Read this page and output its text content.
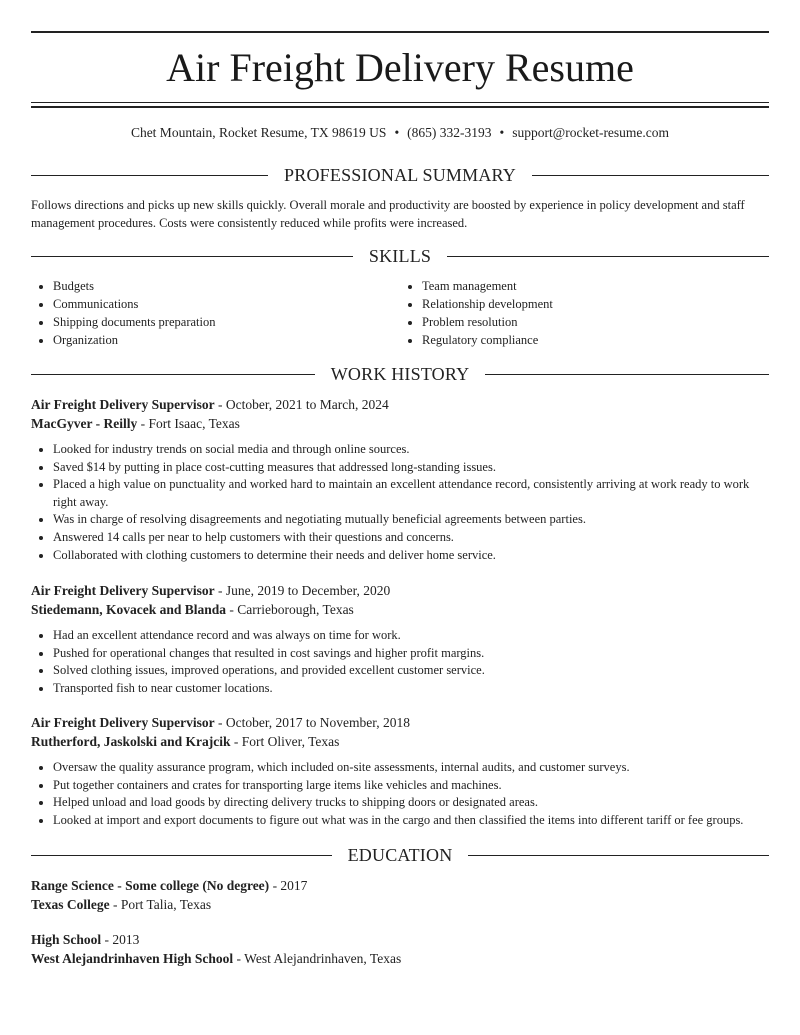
Air Freight Delivery Resume
Chet Mountain, Rocket Resume, TX 98619 US • (865) 332-3193 • support@rocket-resume.com
PROFESSIONAL SUMMARY
Follows directions and picks up new skills quickly. Overall morale and productivity are boosted by experience in policy development and staff management procedures. Costs were consistently reduced while profits were increased.
SKILLS
• Budgets
• Communications
• Shipping documents preparation
• Organization
• Team management
• Relationship development
• Problem resolution
• Regulatory compliance
WORK HISTORY
Air Freight Delivery Supervisor - October, 2021 to March, 2024
MacGyver - Reilly - Fort Isaac, Texas
• Looked for industry trends on social media and through online sources.
• Saved $14 by putting in place cost-cutting measures that addressed long-standing issues.
• Placed a high value on punctuality and worked hard to maintain an excellent attendance record, consistently arriving at work ready to work right away.
• Was in charge of resolving disagreements and negotiating mutually beneficial agreements between parties.
• Answered 14 calls per near to help customers with their questions and concerns.
• Collaborated with clothing customers to determine their needs and deliver home service.
Air Freight Delivery Supervisor - June, 2019 to December, 2020
Stiedemann, Kovacek and Blanda - Carrieborough, Texas
• Had an excellent attendance record and was always on time for work.
• Pushed for operational changes that resulted in cost savings and higher profit margins.
• Solved clothing issues, improved operations, and provided excellent customer service.
• Transported fish to near customer locations.
Air Freight Delivery Supervisor - October, 2017 to November, 2018
Rutherford, Jaskolski and Krajcik - Fort Oliver, Texas
• Oversaw the quality assurance program, which included on-site assessments, internal audits, and customer surveys.
• Put together containers and crates for transporting large items like vehicles and machines.
• Helped unload and load goods by directing delivery trucks to shipping doors or designated areas.
• Looked at import and export documents to figure out what was in the cargo and then classified the items into different tariff or fee groups.
EDUCATION
Range Science - Some college (No degree) - 2017
Texas College - Port Talia, Texas
High School - 2013
West Alejandrinhaven High School - West Alejandrinhaven, Texas
